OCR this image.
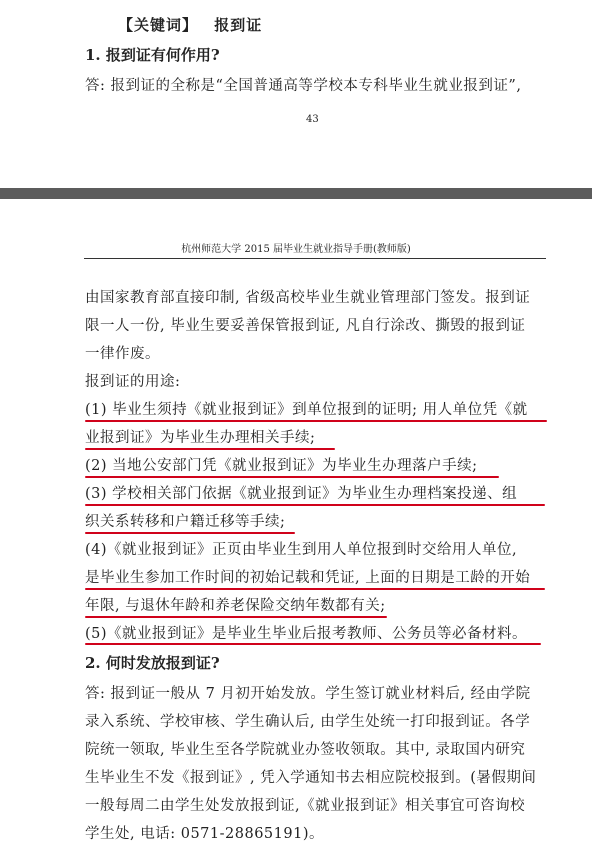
【关键词】 报到证
1. 报到证有何作用?
答: 报到证的全称是“全国普通高等学校本专科毕业生就业报到证”,
43
杭州师范大学 2015 届毕业生就业指导手册(教师版)
由国家教育部直接印制, 省级高校毕业生就业管理部门签发。报到证
限一人一份, 毕业生要妥善保管报到证, 凡自行涂改、撕毁的报到证
一律作废。
报到证的用途:
(1) 毕业生须持《就业报到证》到单位报到的证明; 用人单位凭《就
业报到证》为毕业生办理相关手续;
(2) 当地公安部门凭《就业报到证》为毕业生办理落户手续;
(3) 学校相关部门依据《就业报到证》为毕业生办理档案投递、组
织关系转移和户籍迁移等手续;
(4)《就业报到证》正页由毕业生到用人单位报到时交给用人单位,
是毕业生参加工作时间的初始记载和凭证, 上面的日期是工龄的开始
年限, 与退休年龄和养老保险交纳年数都有关;
(5)《就业报到证》是毕业生毕业后报考教师、公务员等必备材料。
2. 何时发放报到证?
答: 报到证一般从 7 月初开始发放。学生签订就业材料后, 经由学院
录入系统、学校审核、学生确认后, 由学生处统一打印报到证。各学
院统一领取, 毕业生至各学院就业办签收领取。其中, 录取国内研究
生毕业生不发《报到证》, 凭入学通知书去相应院校报到。(暑假期间
一般每周二由学生处发放报到证,《就业报到证》相关事宜可咨询校
学生处, 电话: 0571-28865191)。
